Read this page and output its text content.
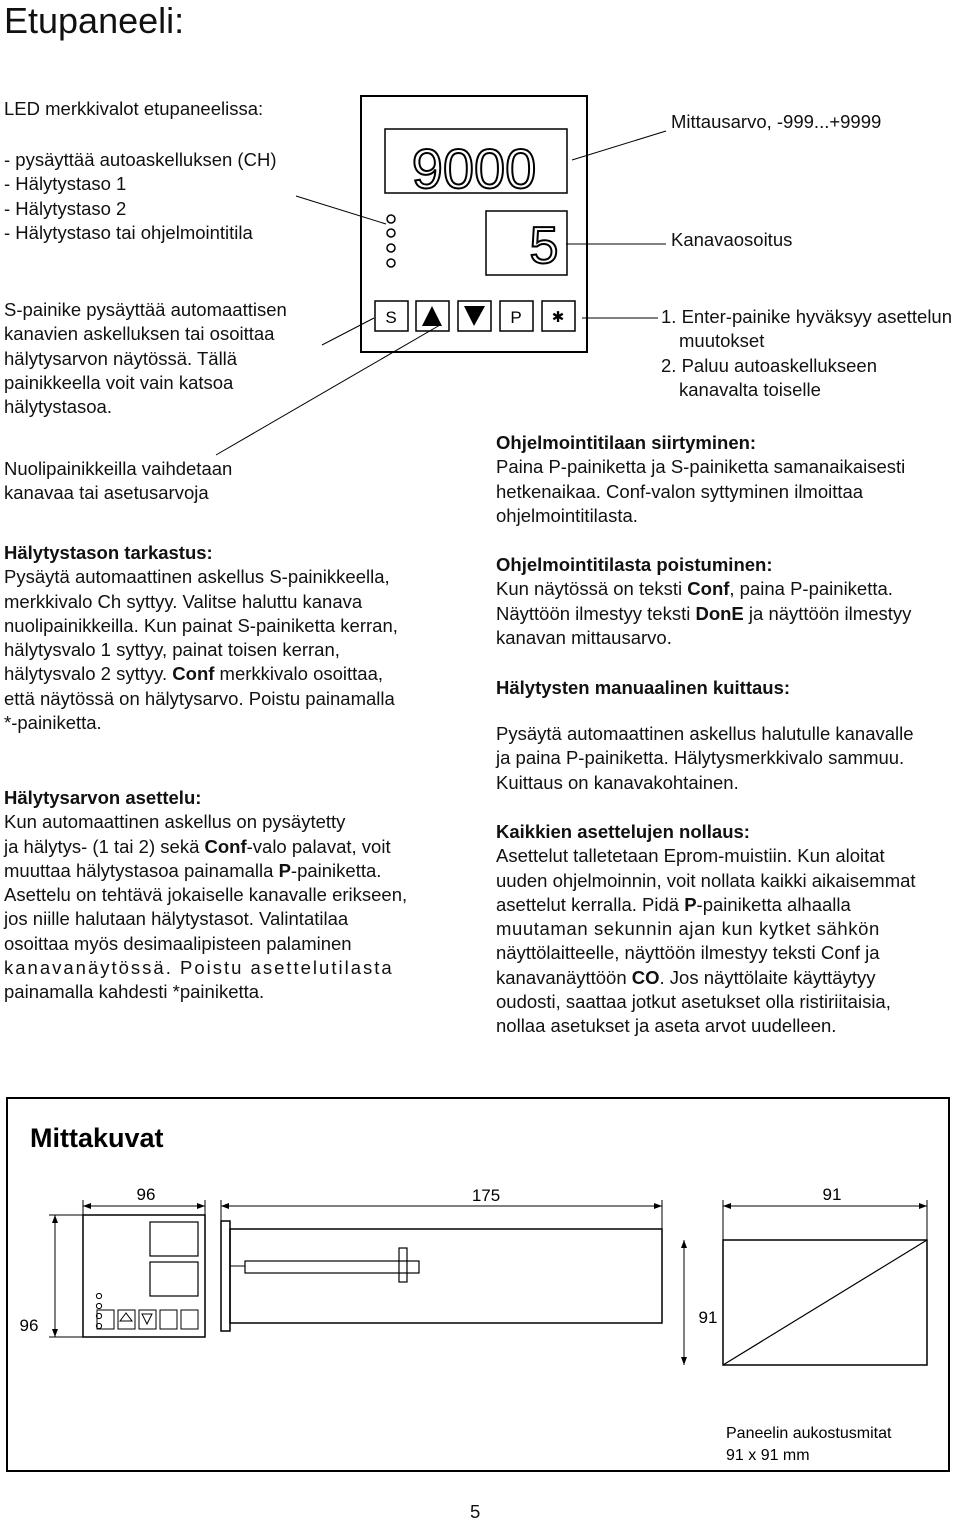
Etupaneeli:
LED merkkivalot etupaneelissa:
- pysäyttää autoaskelluksen (CH)
- Hälytystaso 1
- Hälytystaso 2
- Hälytystaso tai ohjelmointitila
9000
5
S	P ✱
Mittausarvo, -999...+9999
Kanavaosoitus
S-painike pysäyttää automaattisen
kanavien askelluksen tai osoittaa
hälytysarvon näytössä. Tällä
painikkeella voit vain katsoa
hälytystasoa.
Nuolipainikkeilla vaihdetaan
kanavaa tai asetusarvoja
1. Enter-painike hyväksyy asettelun
muutokset
2. Paluu autoaskellukseen
kanavalta toiselle
Hälytystason tarkastus:
Pysäytä automaattinen askellus S-painikkeella,
merkkivalo Ch syttyy. Valitse haluttu kanava
nuolipainikkeilla. Kun painat S-painiketta kerran,
hälytysvalo 1 syttyy, painat toisen kerran,
hälytysvalo 2 syttyy. Conf merkkivalo osoittaa,
että näytössä on hälytysarvo. Poistu painamalla
*-painiketta.
Hälytysarvon asettelu:
Kun automaattinen askellus on pysäytetty
ja hälytys- (1 tai 2) sekä Conf-valo palavat, voit
muuttaa hälytystasoa painamalla P-painiketta.
Asettelu on tehtävä jokaiselle kanavalle erikseen,
jos niille halutaan hälytystasot. Valintatilaa
osoittaa myös desimaalipisteen palaminen
kanavanäytössä. Poistu asettelutilasta
painamalla kahdesti *painiketta.
Ohjelmointitilaan siirtyminen:
Paina P-painiketta ja S-painiketta samanaikaisesti
hetkenaikaa. Conf-valon syttyminen ilmoittaa
ohjelmointitilasta.
Ohjelmointitilasta poistuminen:
Kun näytössä on teksti Conf, paina P-painiketta.
Näyttöön ilmestyy teksti DonE ja näyttöön ilmestyy
kanavan mittausarvo.
Hälytysten manuaalinen kuittaus:
Pysäytä automaattinen askellus halutulle kanavalle
ja paina P-painiketta. Hälytysmerkkivalo sammuu.
Kuittaus on kanavakohtainen.
Kaikkien asettelujen nollaus:
Asettelut talletetaan Eprom-muistiin. Kun aloitat
uuden ohjelmoinnin, voit nollata kaikki aikaisemmat
asettelut kerralla. Pidä P-painiketta alhaalla
muutaman sekunnin ajan kun kytket sähkön
näyttölaitteelle, näyttöön ilmestyy teksti Conf ja
kanavanäyttöön CO. Jos näyttölaite käyttäytyy
oudosti, saattaa jotkut asetukset olla ristiriitaisia,
nollaa asetukset ja aseta arvot uudelleen.
Mittakuvat
96
96
175
91
91
Paneelin aukostusmitat
91 x 91 mm
5
